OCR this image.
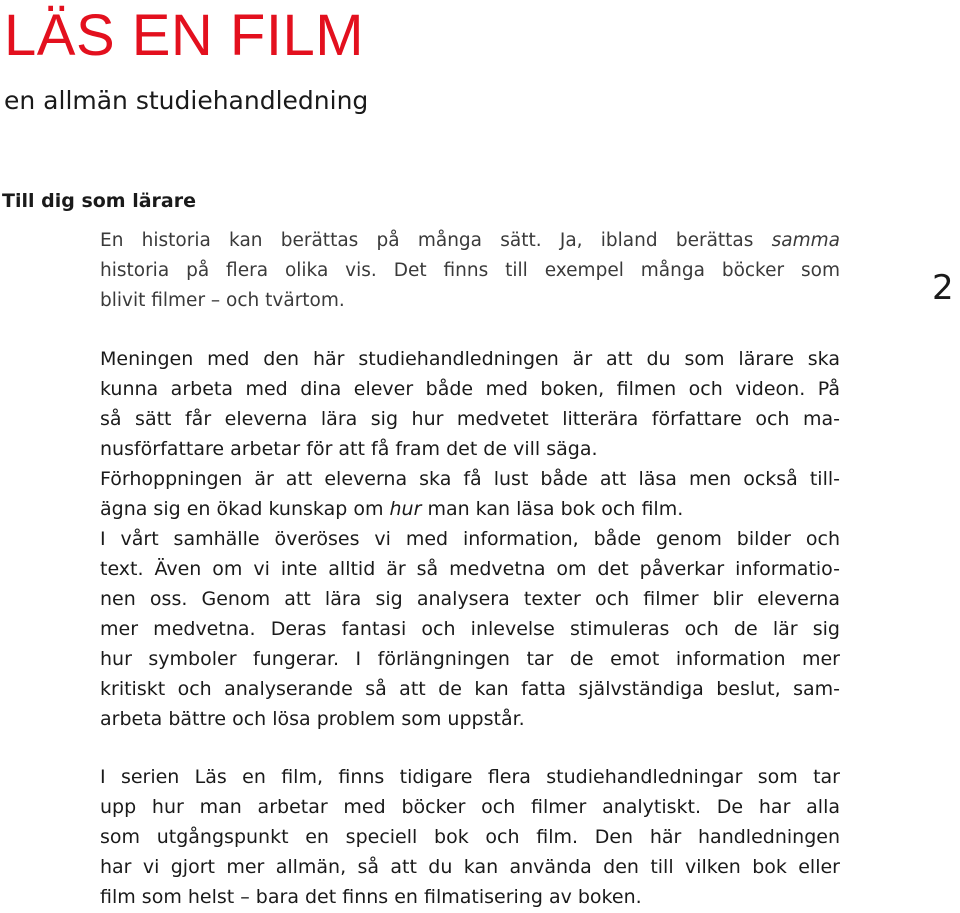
LÄS EN FILM
en allmän studiehandledning
Till dig som lärare
2
En historia kan berättas på många sätt. Ja, ibland berättas samma
historia på flera olika vis. Det finns till exempel många böcker som
blivit filmer – och tvärtom.
Meningen med den här studiehandledningen är att du som lärare ska
kunna arbeta med dina elever både med boken, filmen och videon. På
så sätt får eleverna lära sig hur medvetet litterära författare och ma-
nusförfattare arbetar för att få fram det de vill säga.
Förhoppningen är att eleverna ska få lust både att läsa men också till-
ägna sig en ökad kunskap om hur man kan läsa bok och film.
I vårt samhälle överöses vi med information, både genom bilder och
text. Även om vi inte alltid är så medvetna om det påverkar informatio-
nen oss. Genom att lära sig analysera texter och filmer blir eleverna
mer medvetna. Deras fantasi och inlevelse stimuleras och de lär sig
hur symboler fungerar. I förlängningen tar de emot information mer
kritiskt och analyserande så att de kan fatta självständiga beslut, sam-
arbeta bättre och lösa problem som uppstår.
I serien Läs en film, finns tidigare flera studiehandledningar som tar
upp hur man arbetar med böcker och filmer analytiskt. De har alla
som utgångspunkt en speciell bok och film. Den här handledningen
har vi gjort mer allmän, så att du kan använda den till vilken bok eller
film som helst – bara det finns en filmatisering av boken.
